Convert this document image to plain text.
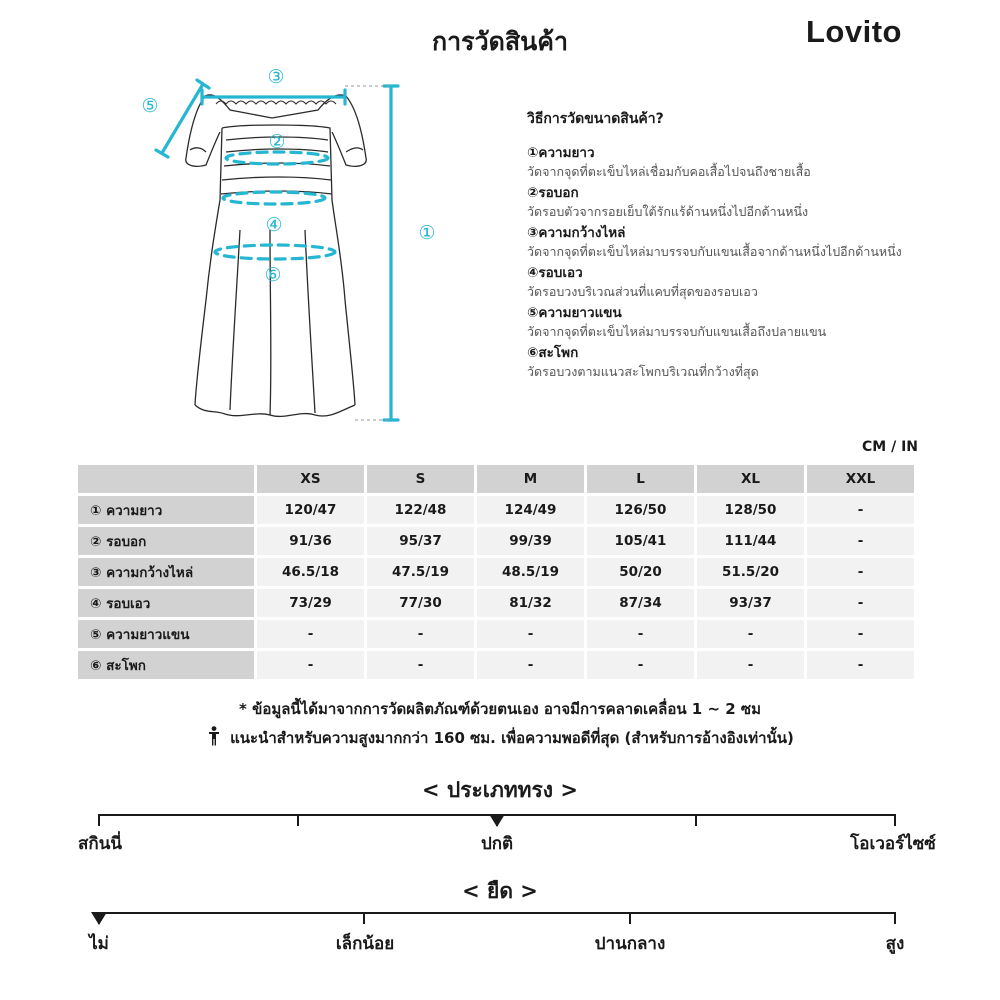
การวัดสินค้า	Lovito
③
⑤
②
④	①
⑥
วิธีการวัดขนาดสินค้า?
①ความยาว
วัดจากจุดที่ตะเข็บไหล่เชื่อมกับคอเสื้อไปจนถึงชายเสื้อ
②รอบอก
วัดรอบตัวจากรอยเย็บใต้รักแร้ด้านหนึ่งไปอีกด้านหนึ่ง
③ความกว้างไหล่
วัดจากจุดที่ตะเข็บไหล่มาบรรจบกับแขนเสื้อจากด้านหนึ่งไปอีกด้านหนึ่ง
④รอบเอว
วัดรอบวงบริเวณส่วนที่แคบที่สุดของรอบเอว
⑤ความยาวแขน
วัดจากจุดที่ตะเข็บไหล่มาบรรจบกับแขนเสื้อถึงปลายแขน
⑥สะโพก
วัดรอบวงตามแนวสะโพกบริเวณที่กว้างที่สุด
CM / IN
	XS	S	M	L	XL	XXL
① ความยาว	120/47	122/48	124/49	126/50	128/50	-
② รอบอก	91/36	95/37	99/39	105/41	111/44	-
③ ความกว้างไหล่	46.5/18	47.5/19	48.5/19	50/20	51.5/20	-
④ รอบเอว	73/29	77/30	81/32	87/34	93/37	-
⑤ ความยาวแขน	-	-	-	-	-	-
⑥ สะโพก	-	-	-	-	-	-
* ข้อมูลนี้ได้มาจากการวัดผลิตภัณฑ์ด้วยตนเอง อาจมีการคลาดเคลื่อน 1 ~ 2 ซม
แนะนำสำหรับความสูงมากกว่า 160 ซม. เพื่อความพอดีที่สุด (สำหรับการอ้างอิงเท่านั้น)
< ประเภททรง >
สกินนี่	ปกติ	โอเวอร์ไซซ์
< ยืด >
ไม่	เล็กน้อย	ปานกลาง	สูง
